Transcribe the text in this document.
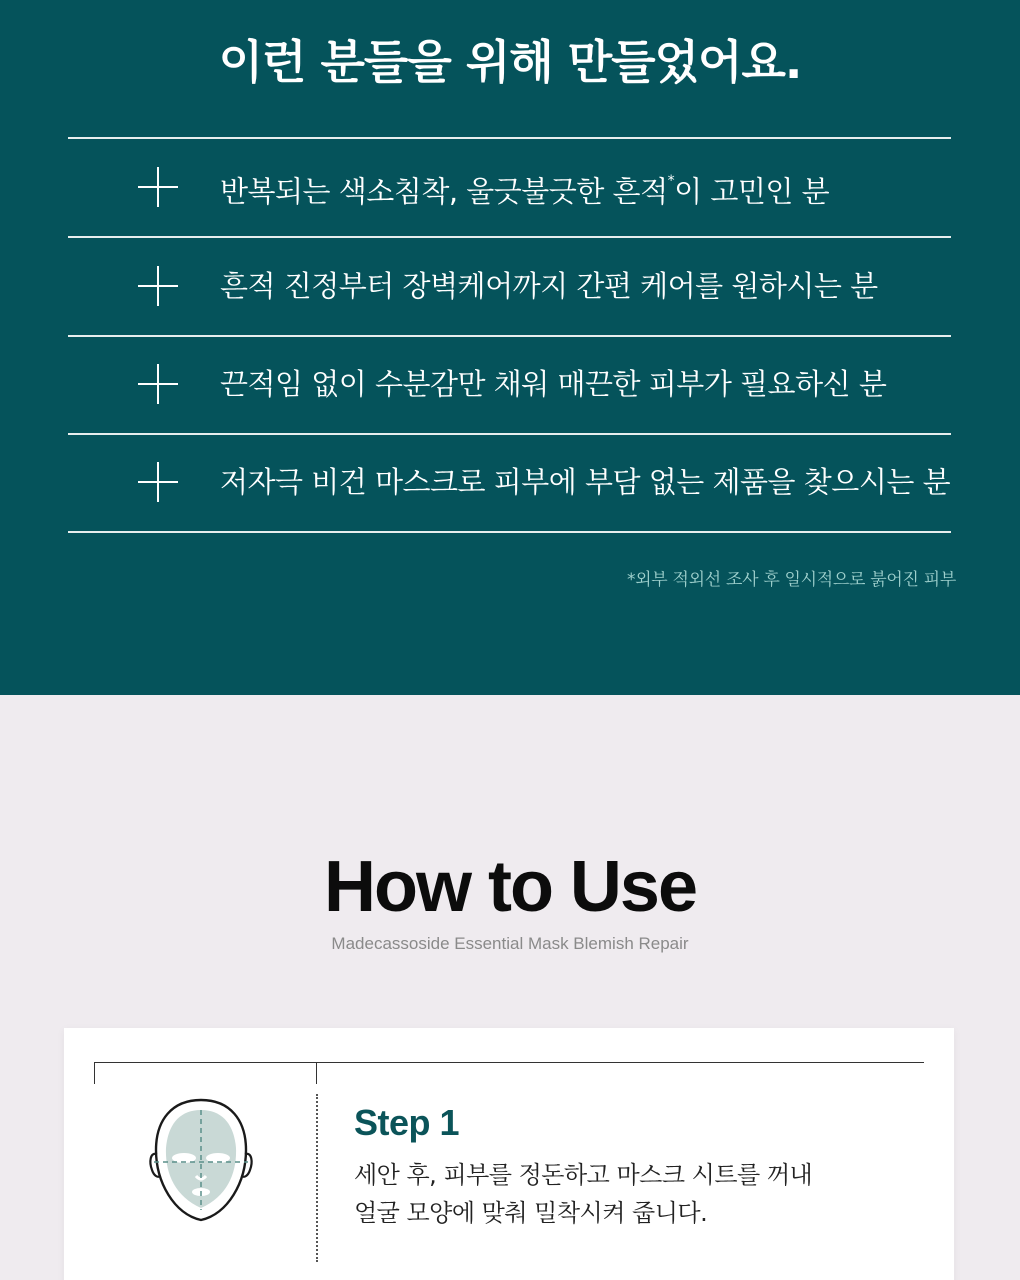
이런 분들을 위해 만들었어요.
반복되는 색소침착, 울긋불긋한 흔적*이 고민인 분
흔적 진정부터 장벽케어까지 간편 케어를 원하시는 분
끈적임 없이 수분감만 채워 매끈한 피부가 필요하신 분
저자극 비건 마스크로 피부에 부담 없는 제품을 찾으시는 분

*외부 적외선 조사 후 일시적으로 붉어진 피부

How to Use

Madecassoside Essential Mask Blemish Repair

Step 1

세안 후, 피부를 정돈하고 마스크 시트를 꺼내
얼굴 모양에 맞춰 밀착시켜 줍니다.
